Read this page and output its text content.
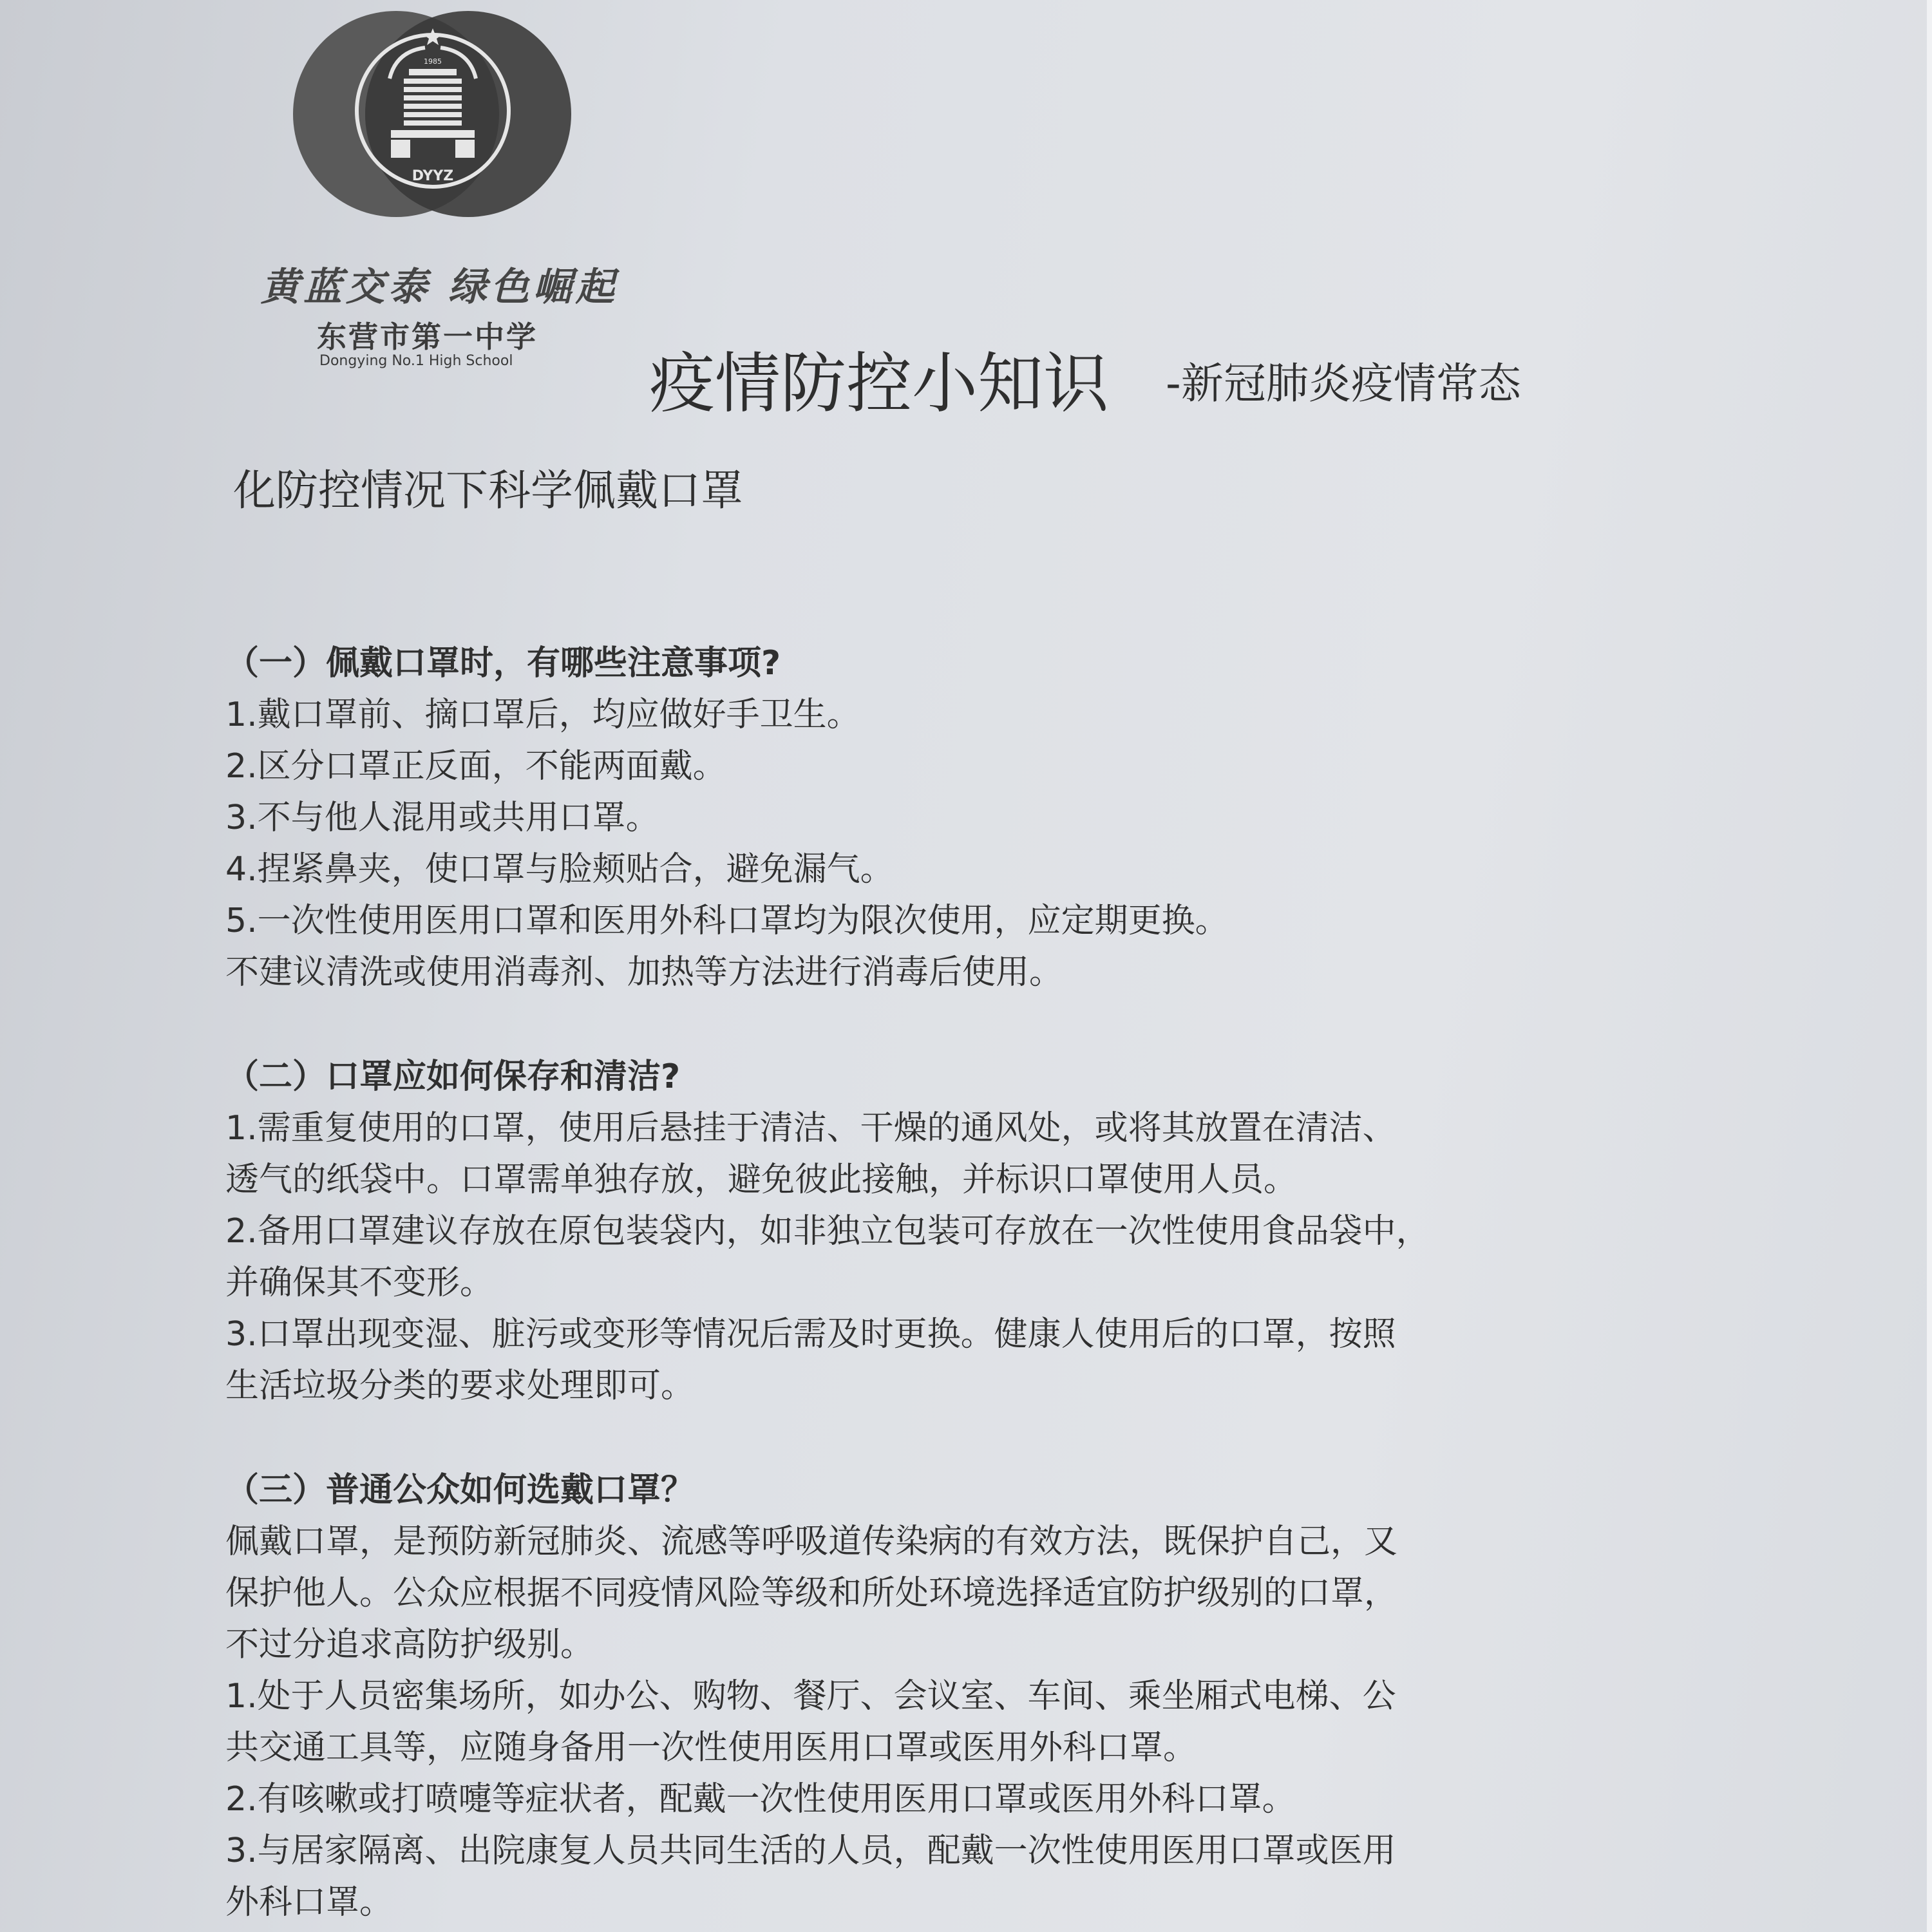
1985
DYYZ
黄蓝交泰 绿色崛起
东营市第一中学
Dongying No.1 High School 疫情防控小知识 -新冠肺炎疫情常态
化防控情况下科学佩戴口罩
（一）佩戴口罩时，有哪些注意事项?
1.戴口罩前、摘口罩后，均应做好手卫生。
2.区分口罩正反面，不能两面戴。
3.不与他人混用或共用口罩。
4.捏紧鼻夹，使口罩与脸颊贴合，避免漏气。
5.一次性使用医用口罩和医用外科口罩均为限次使用，应定期更换。
不建议清洗或使用消毒剂、加热等方法进行消毒后使用。
（二）口罩应如何保存和清洁?
1.需重复使用的口罩，使用后悬挂于清洁、干燥的通风处，或将其放置在清洁、
透气的纸袋中。口罩需单独存放，避免彼此接触，并标识口罩使用人员。
2.备用口罩建议存放在原包装袋内，如非独立包装可存放在一次性使用食品袋中，
并确保其不变形。
3.口罩出现变湿、脏污或变形等情况后需及时更换。健康人使用后的口罩，按照
生活垃圾分类的要求处理即可。
（三）普通公众如何选戴口罩？
佩戴口罩，是预防新冠肺炎、流感等呼吸道传染病的有效方法，既保护自己，又
保护他人。公众应根据不同疫情风险等级和所处环境选择适宜防护级别的口罩，
不过分追求高防护级别。
1.处于人员密集场所，如办公、购物、餐厅、会议室、车间、乘坐厢式电梯、公
共交通工具等，应随身备用一次性使用医用口罩或医用外科口罩。
2.有咳嗽或打喷嚏等症状者，配戴一次性使用医用口罩或医用外科口罩。
3.与居家隔离、出院康复人员共同生活的人员，配戴一次性使用医用口罩或医用
外科口罩。
